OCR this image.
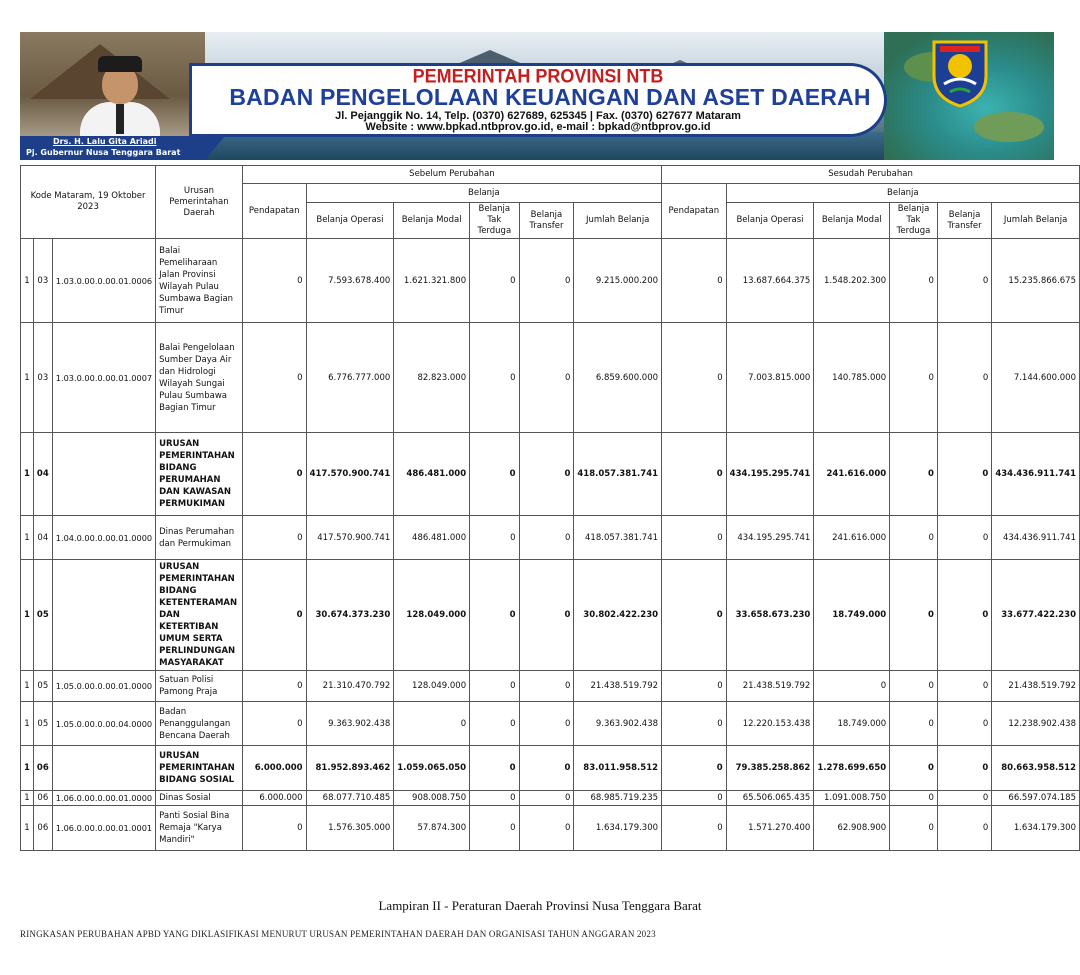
Drs. H. Lalu Gita Ariadi
Pj. Gubernur Nusa Tenggara Barat
PEMERINTAH PROVINSI NTB
BADAN PENGELOLAAN KEUANGAN DAN ASET DAERAH
Jl. Pejanggik No. 14, Telp. (0370) 627689, 625345 | Fax. (0370) 627677 Mataram
Website : www.bpkad.ntbprov.go.id, e-mail : bpkad@ntbprov.go.id
Kode Mataram, 19 Oktober 2023			Urusan Pemerintahan Daerah	Sebelum Perubahan						Sesudah Perubahan					
				Pendapatan	Belanja					Pendapatan	Belanja				
					Belanja Operasi	Belanja Modal	Belanja Tak Terduga	Belanja Transfer	Jumlah Belanja		Belanja Operasi	Belanja Modal	Belanja Tak Terduga	Belanja Transfer	Jumlah Belanja
1	03	1.03.0.00.0.00.01.0006	Balai Pemeliharaan Jalan Provinsi Wilayah Pulau Sumbawa Bagian Timur	0	7.593.678.400	1.621.321.800	0	0	9.215.000.200	0	13.687.664.375	1.548.202.300	0	0	15.235.866.675
1	03	1.03.0.00.0.00.01.0007	Balai Pengelolaan Sumber Daya Air dan Hidrologi Wilayah Sungai Pulau Sumbawa Bagian Timur	0	6.776.777.000	82.823.000	0	0	6.859.600.000	0	7.003.815.000	140.785.000	0	0	7.144.600.000
1	04		URUSAN PEMERINTAHAN BIDANG PERUMAHAN DAN KAWASAN PERMUKIMAN	0	417.570.900.741	486.481.000	0	0	418.057.381.741	0	434.195.295.741	241.616.000	0	0	434.436.911.741
1	04	1.04.0.00.0.00.01.0000	Dinas Perumahan dan Permukiman	0	417.570.900.741	486.481.000	0	0	418.057.381.741	0	434.195.295.741	241.616.000	0	0	434.436.911.741
1	05		URUSAN PEMERINTAHAN BIDANG KETENTERAMAN DAN KETERTIBAN UMUM SERTA PERLINDUNGAN MASYARAKAT	0	30.674.373.230	128.049.000	0	0	30.802.422.230	0	33.658.673.230	18.749.000	0	0	33.677.422.230
1	05	1.05.0.00.0.00.01.0000	Satuan Polisi Pamong Praja	0	21.310.470.792	128.049.000	0	0	21.438.519.792	0	21.438.519.792	0	0	0	21.438.519.792
1	05	1.05.0.00.0.00.04.0000	Badan Penanggulangan Bencana Daerah	0	9.363.902.438	0	0	0	9.363.902.438	0	12.220.153.438	18.749.000	0	0	12.238.902.438
1	06		URUSAN PEMERINTAHAN BIDANG SOSIAL	6.000.000	81.952.893.462	1.059.065.050	0	0	83.011.958.512	0	79.385.258.862	1.278.699.650	0	0	80.663.958.512
1	06	1.06.0.00.0.00.01.0000	Dinas Sosial	6.000.000	68.077.710.485	908.008.750	0	0	68.985.719.235	0	65.506.065.435	1.091.008.750	0	0	66.597.074.185
1	06	1.06.0.00.0.00.01.0001	Panti Sosial Bina Remaja "Karya Mandiri"	0	1.576.305.000	57.874.300	0	0	1.634.179.300	0	1.571.270.400	62.908.900	0	0	1.634.179.300
Lampiran II - Peraturan Daerah Provinsi Nusa Tenggara Barat
RINGKASAN PERUBAHAN APBD YANG DIKLASIFIKASI MENURUT URUSAN PEMERINTAHAN DAERAH DAN ORGANISASI TAHUN ANGGARAN 2023
